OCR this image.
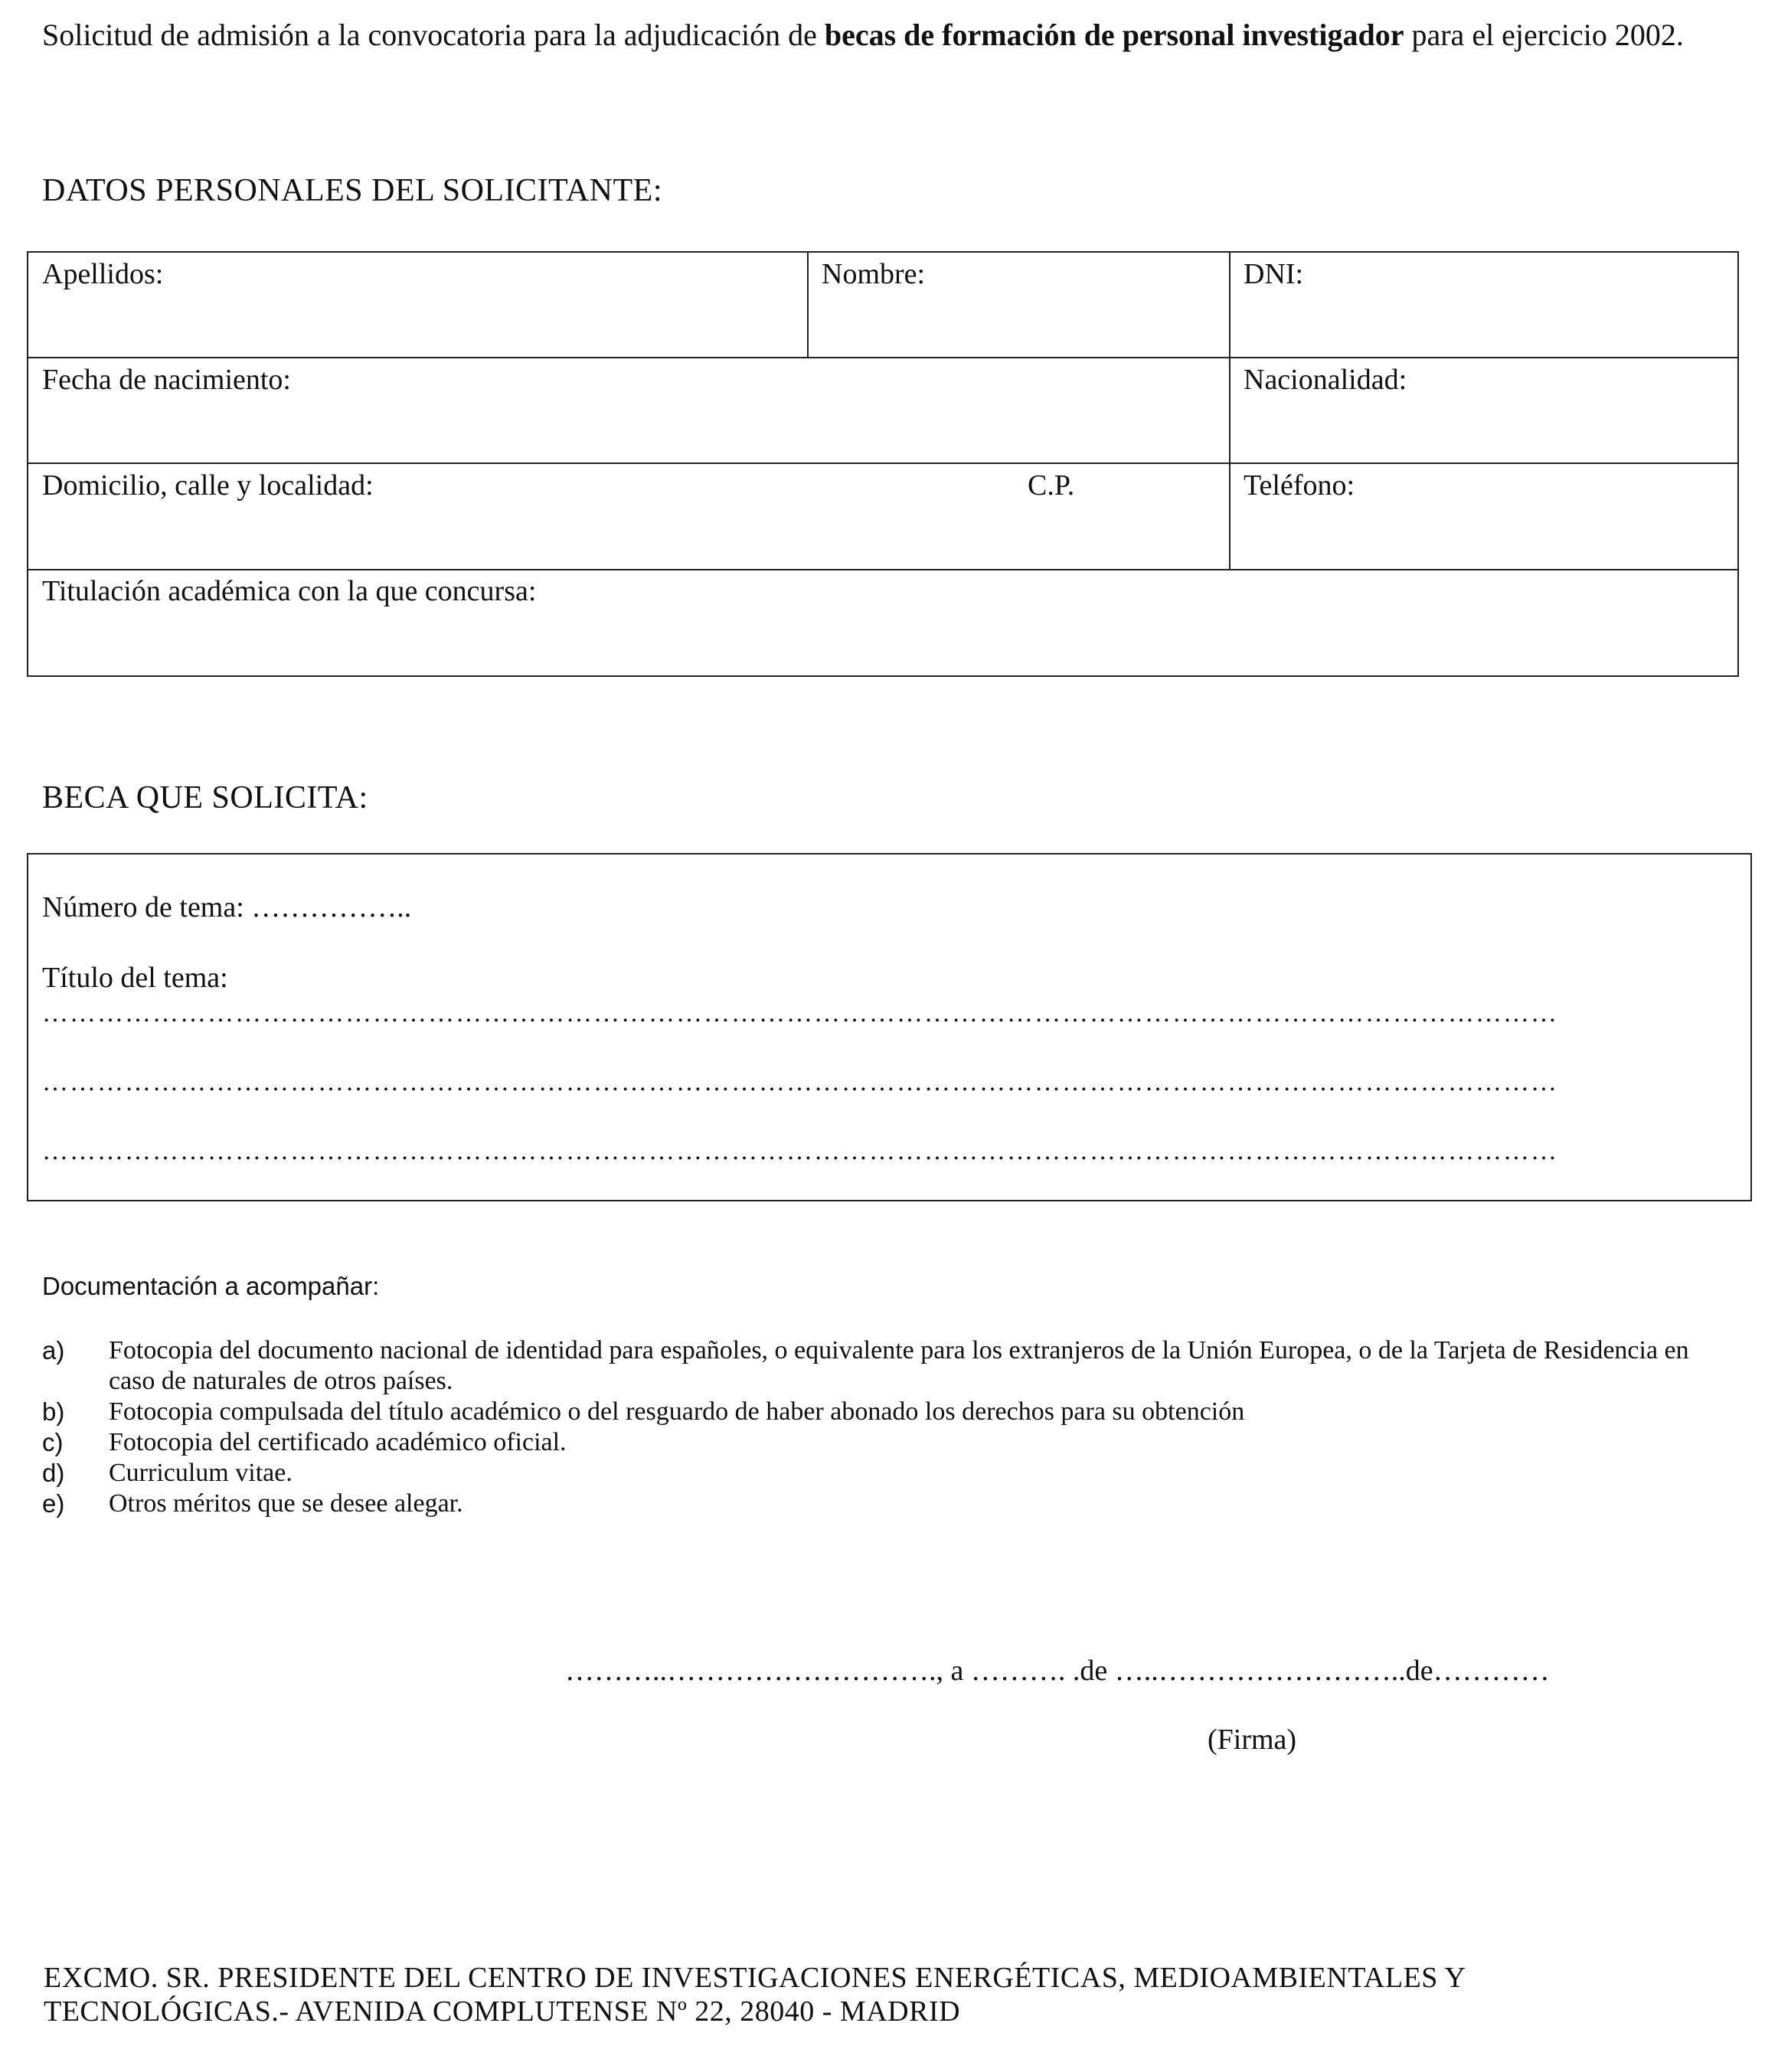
Solicitud de admisión a la convocatoria para la adjudicación de becas de formación de personal investigador para el ejercicio 2002.
DATOS PERSONALES DEL SOLICITANTE:
Apellidos:	Nombre:	DNI:
Fecha de nacimiento:	Nacionalidad:
Domicilio, calle y localidad:	C.P.	Teléfono:
Titulación académica con la que concursa:
BECA QUE SOLICITA:
Número de tema: ……………..
Título del tema:
…………………………………………………………………………………………………………………………………………………
…………………………………………………………………………………………………………………………………………………
…………………………………………………………………………………………………………………………………………………
Documentación a acompañar:
a) Fotocopia del documento nacional de identidad para españoles, o equivalente para los extranjeros de la Unión Europea, o de la Tarjeta de Residencia en caso de naturales de otros países.
b) Fotocopia compulsada del título académico o del resguardo de haber abonado los derechos para su obtención
c) Fotocopia del certificado académico oficial.
d) Curriculum vitae.
e) Otros méritos que se desee alegar.
………..………………………., a ………. .de …..……………………..de…………
(Firma)
EXCMO. SR. PRESIDENTE DEL CENTRO DE INVESTIGACIONES ENERGÉTICAS, MEDIOAMBIENTALES Y
TECNOLÓGICAS.- AVENIDA COMPLUTENSE Nº 22, 28040 - MADRID
